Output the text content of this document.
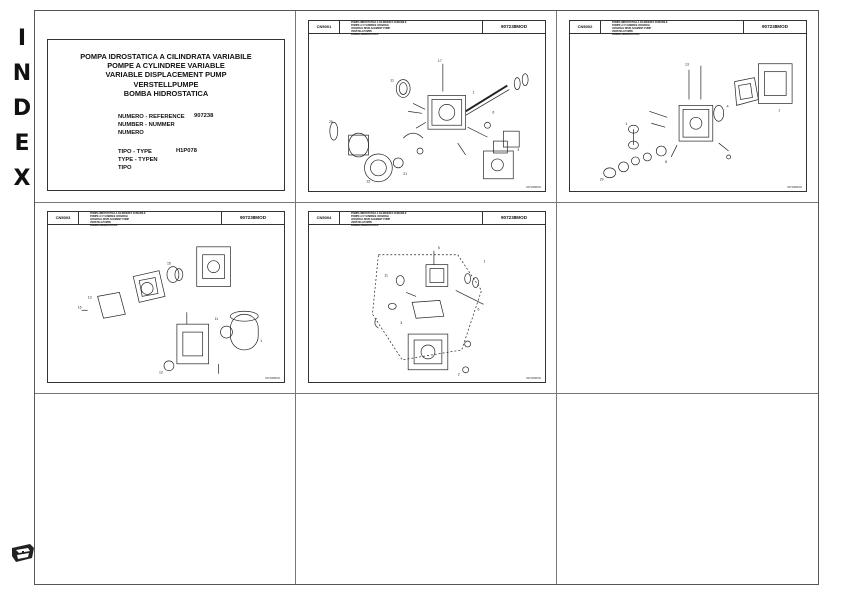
I
N
D
E
X
POMPA IDROSTATICA A CILINDRATA VARIABILE
POMPE A CYLINDREE VARIABLE
VARIABLE DISPLACEMENT PUMP
VERSTELLPUMPE
BOMBA HIDROSTATICA
NUMERO - REFERENCE
NUMBER - NUMMER
NUMERO
907238
TIPO - TYPE
TYPE - TYPEN
TIPO
H1P078
CN5001
POMPA IDROSTATICA A CILINDRATA VARIABILE
POMPE A CYLINDREE VARIABLE
VARIABLE DISPLACEMENT PUMP
VERSTELLPUMPE
BOMBA HIDROSTATICA
907238MOD
11
17
25
22
21
3
1
6
907238MOD
CN5002
POMPA IDROSTATICA A CILINDRATA VARIABILE
POMPE A CYLINDREE VARIABLE
VARIABLE DISPLACEMENT PUMP
VERSTELLPUMPE
BOMBA HIDROSTATICA
907238MOD
13
1
29
4
1
8
907238MOD
CN5003
POMPA IDROSTATICA A CILINDRATA VARIABILE
POMPE A CYLINDREE VARIABLE
VARIABLE DISPLACEMENT PUMP
VERSTELLPUMPE
BOMBA HIDROSTATICA
907238MOD
15
13
16
1
12
11
907238MOD
CN5004
POMPA IDROSTATICA A CILINDRATA VARIABILE
POMPE A CYLINDREE VARIABLE
VARIABLE DISPLACEMENT PUMP
VERSTELLPUMPE
BOMBA HIDROSTATICA
907238MOD
1
11
2
3
6
5
907238MOD
